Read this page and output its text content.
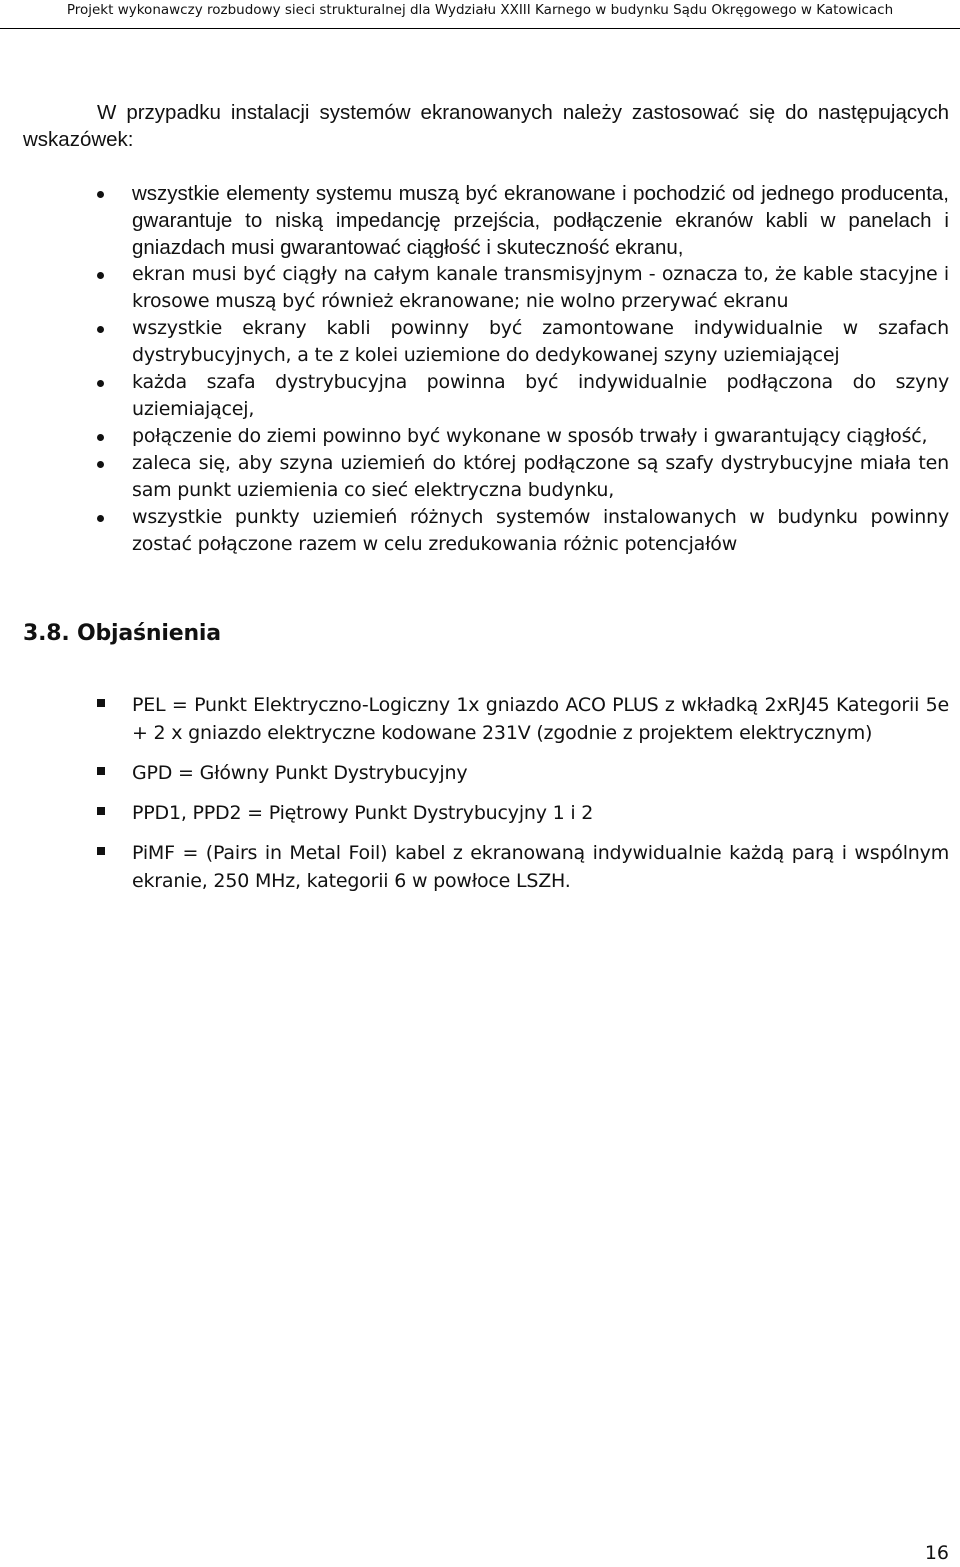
Projekt wykonawczy rozbudowy sieci strukturalnej dla Wydziału XXIII Karnego w budynku Sądu Okręgowego w Katowicach

W przypadku instalacji systemów ekranowanych należy zastosować się do następujących wskazówek:

wszystkie elementy systemu muszą być ekranowane i pochodzić od jednego producenta, gwarantuje to niską impedancję przejścia, podłączenie ekranów kabli w panelach i gniazdach musi gwarantować ciągłość i skuteczność ekranu,
ekran musi być ciągły na całym kanale transmisyjnym - oznacza to, że kable stacyjne i krosowe muszą być również ekranowane; nie wolno przerywać ekranu
wszystkie ekrany kabli powinny być zamontowane indywidualnie w szafach dystrybucyjnych, a te z kolei uziemione do dedykowanej szyny uziemiającej
każda szafa dystrybucyjna powinna być indywidualnie podłączona do szyny uziemiającej,
połączenie do ziemi powinno być wykonane w sposób trwały i gwarantujący ciągłość,
zaleca się, aby szyna uziemień do której podłączone są szafy dystrybucyjne miała ten sam punkt uziemienia co sieć elektryczna budynku,
wszystkie punkty uziemień różnych systemów instalowanych w budynku powinny zostać połączone razem w celu zredukowania różnic potencjałów
3.8. Objaśnienia
PEL = Punkt Elektryczno-Logiczny 1x gniazdo ACO PLUS z wkładką 2xRJ45 Kategorii 5e + 2 x gniazdo elektryczne kodowane 231V (zgodnie z projektem elektrycznym)
GPD = Główny Punkt Dystrybucyjny
PPD1, PPD2 = Piętrowy Punkt Dystrybucyjny 1 i 2
PiMF = (Pairs in Metal Foil) kabel z ekranowaną indywidualnie każdą parą i wspólnym ekranie, 250 MHz, kategorii 6 w powłoce LSZH.
16
